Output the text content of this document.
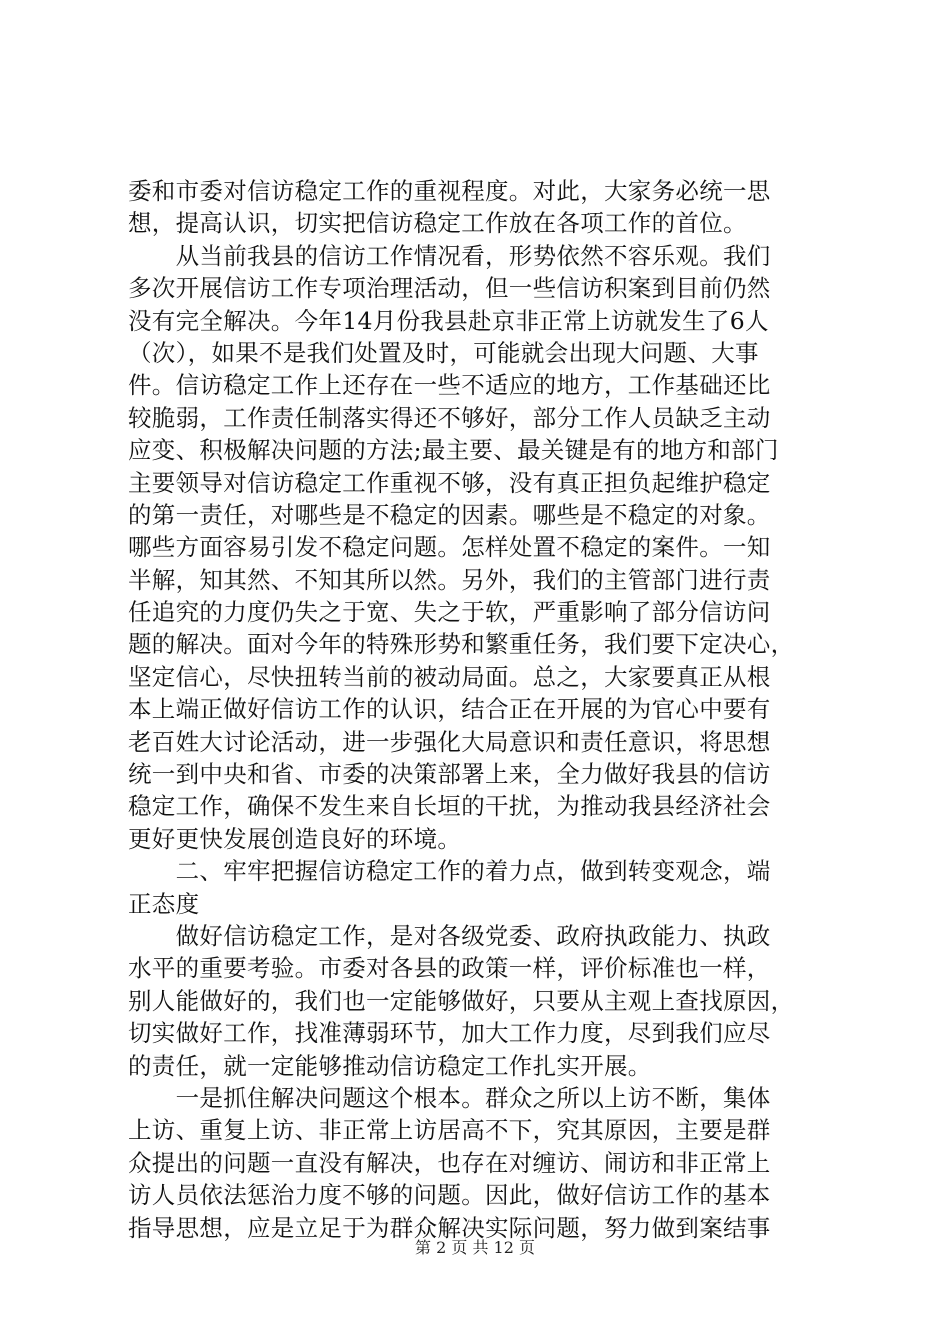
委和市委对信访稳定工作的重视程度。对此，大家务必统一思
想，提高认识，切实把信访稳定工作放在各项工作的首位。
　　从当前我县的信访工作情况看，形势依然不容乐观。我们
多次开展信访工作专项治理活动，但一些信访积案到目前仍然
没有完全解决。今年14月份我县赴京非正常上访就发生了6人
（次），如果不是我们处置及时，可能就会出现大问题、大事
件。信访稳定工作上还存在一些不适应的地方，工作基础还比
较脆弱，工作责任制落实得还不够好，部分工作人员缺乏主动
应变、积极解决问题的方法;最主要、最关键是有的地方和部门
主要领导对信访稳定工作重视不够，没有真正担负起维护稳定
的第一责任，对哪些是不稳定的因素。哪些是不稳定的对象。
哪些方面容易引发不稳定问题。怎样处置不稳定的案件。一知
半解，知其然、不知其所以然。另外，我们的主管部门进行责
任追究的力度仍失之于宽、失之于软，严重影响了部分信访问
题的解决。面对今年的特殊形势和繁重任务，我们要下定决心，
坚定信心，尽快扭转当前的被动局面。总之，大家要真正从根
本上端正做好信访工作的认识，结合正在开展的为官心中要有
老百姓大讨论活动，进一步强化大局意识和责任意识，将思想
统一到中央和省、市委的决策部署上来，全力做好我县的信访
稳定工作，确保不发生来自长垣的干扰，为推动我县经济社会
更好更快发展创造良好的环境。
　　二、牢牢把握信访稳定工作的着力点，做到转变观念，端
正态度
　　做好信访稳定工作，是对各级党委、政府执政能力、执政
水平的重要考验。市委对各县的政策一样，评价标准也一样，
别人能做好的，我们也一定能够做好，只要从主观上查找原因，
切实做好工作，找准薄弱环节，加大工作力度，尽到我们应尽
的责任，就一定能够推动信访稳定工作扎实开展。
　　一是抓住解决问题这个根本。群众之所以上访不断，集体
上访、重复上访、非正常上访居高不下，究其原因，主要是群
众提出的问题一直没有解决，也存在对缠访、闹访和非正常上
访人员依法惩治力度不够的问题。因此，做好信访工作的基本
指导思想，应是立足于为群众解决实际问题，努力做到案结事
第 2 页 共 12 页
